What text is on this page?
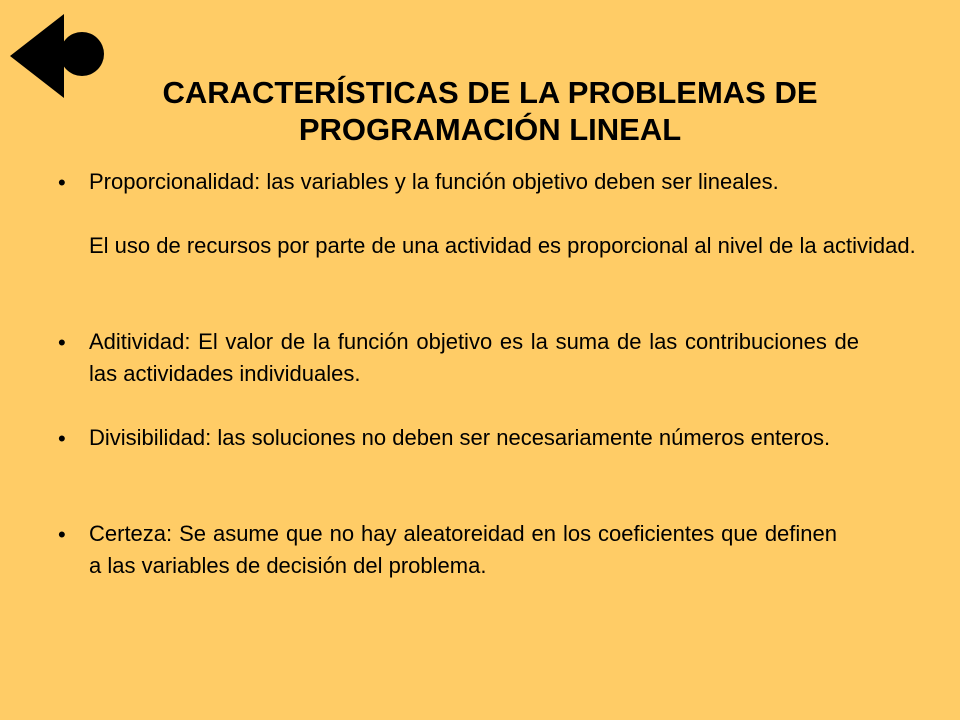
CARACTERÍSTICAS DE LA PROBLEMAS DE
PROGRAMACIÓN LINEAL
• Proporcionalidad: las variables y la función objetivo deben ser lineales.

El uso de recursos por parte de una actividad es proporcional al nivel de la actividad.

• Aditividad: El valor de la función objetivo es la suma de las contribuciones de las actividades individuales.

• Divisibilidad: las soluciones no deben ser necesariamente números enteros.

• Certeza: Se asume que no hay aleatoreidad en los coeficientes que definen a las variables de decisión del problema.
